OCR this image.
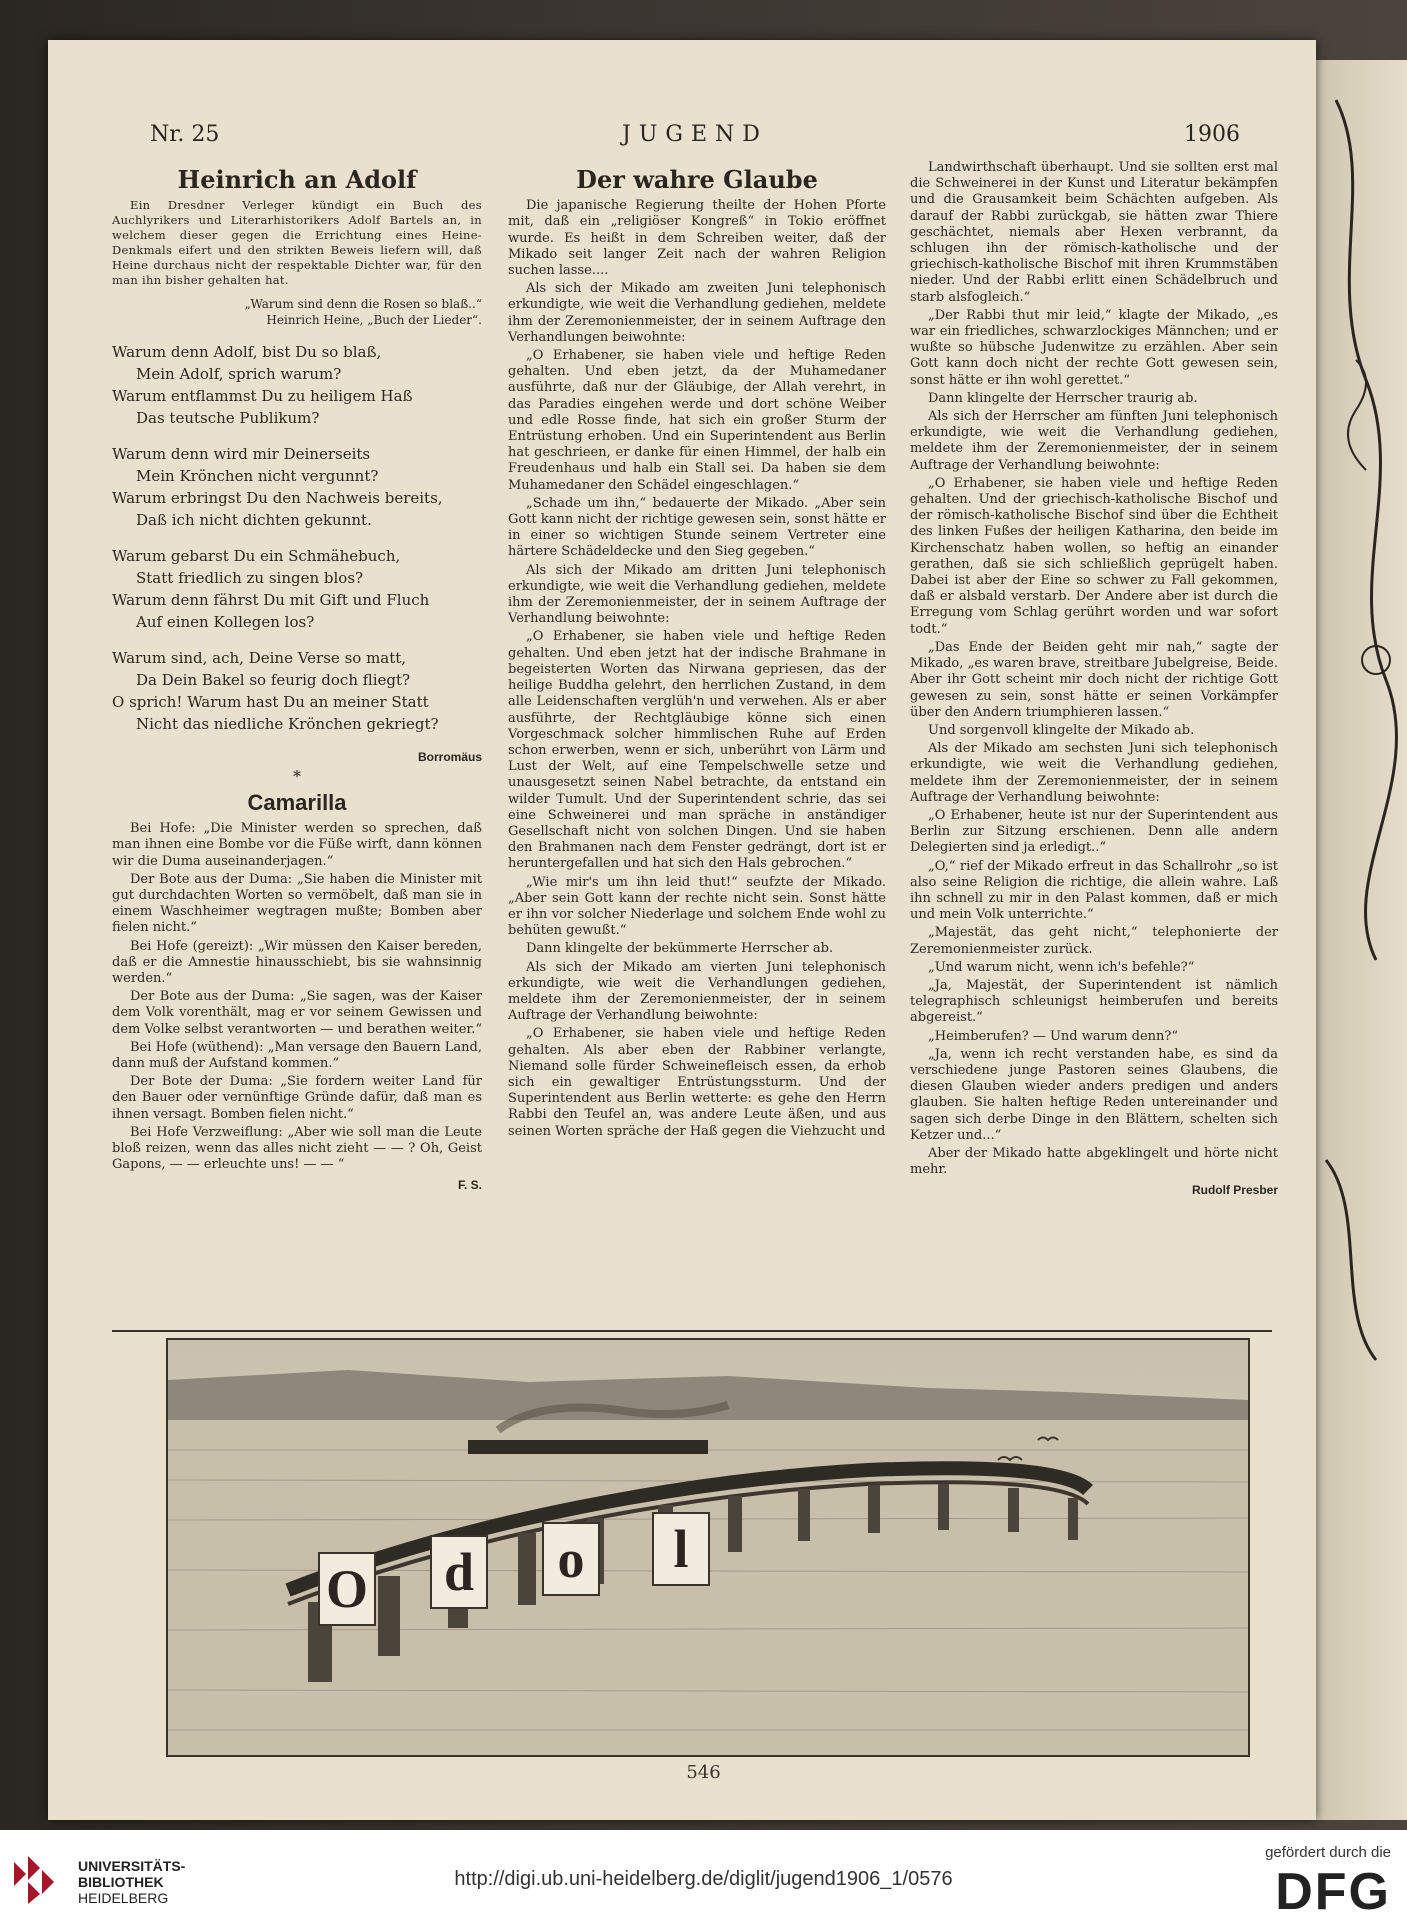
Nr. 25	JUGEND	1906
Heinrich an Adolf

Ein Dresdner Verleger kündigt ein Buch des Auchlyrikers und Literarhistorikers Adolf Bartels an, in welchem dieser gegen die Errichtung eines Heine-Denkmals eifert und den strikten Beweis liefern will, daß Heine durchaus nicht der respektable Dichter war, für den man ihn bisher gehalten hat.

„Warum sind denn die Rosen so blaß..“
Heinrich Heine, „Buch der Lieder“.

Warum denn Adolf, bist Du so blaß,
Mein Adolf, sprich warum?
Warum entflammst Du zu heiligem Haß
Das teutsche Publikum?
Warum denn wird mir Deinerseits
Mein Krönchen nicht vergunnt?
Warum erbringst Du den Nachweis bereits,
Daß ich nicht dichten gekunnt.
Warum gebarst Du ein Schmähebuch,
Statt friedlich zu singen blos?
Warum denn fährst Du mit Gift und Fluch
Auf einen Kollegen los?
Warum sind, ach, Deine Verse so matt,
Da Dein Bakel so feurig doch fliegt?
O sprich! Warum hast Du an meiner Statt
Nicht das niedliche Krönchen gekriegt?

Borromäus

*
Camarilla

Bei Hofe: „Die Minister werden so sprechen, daß man ihnen eine Bombe vor die Füße wirft, dann können wir die Duma auseinanderjagen.“

Der Bote aus der Duma: „Sie haben die Minister mit gut durchdachten Worten so vermöbelt, daß man sie in einem Waschheimer wegtragen mußte; Bomben aber fielen nicht.“

Bei Hofe (gereizt): „Wir müssen den Kaiser bereden, daß er die Amnestie hinausschiebt, bis sie wahnsinnig werden.“

Der Bote aus der Duma: „Sie sagen, was der Kaiser dem Volk vorenthält, mag er vor seinem Gewissen und dem Volke selbst verantworten — und berathen weiter.“

Bei Hofe (wüthend): „Man versage den Bauern Land, dann muß der Aufstand kommen.“

Der Bote der Duma: „Sie fordern weiter Land für den Bauer oder vernünftige Gründe dafür, daß man es ihnen versagt. Bomben fielen nicht.“

Bei Hofe Verzweiflung: „Aber wie soll man die Leute bloß reizen, wenn das alles nicht zieht — — ? Oh, Geist Gapons, — — erleuchte uns! — — “

F. S.

Der wahre Glaube

Die japanische Regierung theilte der Hohen Pforte mit, daß ein „religiöser Kongreß“ in Tokio eröffnet wurde. Es heißt in dem Schreiben weiter, daß der Mikado seit langer Zeit nach der wahren Religion suchen lasse....

Als sich der Mikado am zweiten Juni telephonisch erkundigte, wie weit die Verhandlung gediehen, meldete ihm der Zeremonienmeister, der in seinem Auftrage den Verhandlungen beiwohnte:

„O Erhabener, sie haben viele und heftige Reden gehalten. Und eben jetzt, da der Muhamedaner ausführte, daß nur der Gläubige, der Allah verehrt, in das Paradies eingehen werde und dort schöne Weiber und edle Rosse finde, hat sich ein großer Sturm der Entrüstung erhoben. Und ein Superintendent aus Berlin hat geschrieen, er danke für einen Himmel, der halb ein Freudenhaus und halb ein Stall sei. Da haben sie dem Muhamedaner den Schädel eingeschlagen.“

„Schade um ihn,“ bedauerte der Mikado. „Aber sein Gott kann nicht der richtige gewesen sein, sonst hätte er in einer so wichtigen Stunde seinem Vertreter eine härtere Schädeldecke und den Sieg gegeben.“

Als sich der Mikado am dritten Juni telephonisch erkundigte, wie weit die Verhandlung gediehen, meldete ihm der Zeremonienmeister, der in seinem Auftrage der Verhandlung beiwohnte:

„O Erhabener, sie haben viele und heftige Reden gehalten. Und eben jetzt hat der indische Brahmane in begeisterten Worten das Nirwana gepriesen, das der heilige Buddha gelehrt, den herrlichen Zustand, in dem alle Leidenschaften verglüh'n und verwehen. Als er aber ausführte, der Rechtgläubige könne sich einen Vorgeschmack solcher himmlischen Ruhe auf Erden schon erwerben, wenn er sich, unberührt von Lärm und Lust der Welt, auf eine Tempelschwelle setze und unausgesetzt seinen Nabel betrachte, da entstand ein wilder Tumult. Und der Superintendent schrie, das sei eine Schweinerei und man spräche in anständiger Gesellschaft nicht von solchen Dingen. Und sie haben den Brahmanen nach dem Fenster gedrängt, dort ist er heruntergefallen und hat sich den Hals gebrochen.“

„Wie mir's um ihn leid thut!“ seufzte der Mikado. „Aber sein Gott kann der rechte nicht sein. Sonst hätte er ihn vor solcher Niederlage und solchem Ende wohl zu behüten gewußt.“

Dann klingelte der bekümmerte Herrscher ab.

Als sich der Mikado am vierten Juni telephonisch erkundigte, wie weit die Verhandlungen gediehen, meldete ihm der Zeremonienmeister, der in seinem Auftrage der Verhandlung beiwohnte:

„O Erhabener, sie haben viele und heftige Reden gehalten. Als aber eben der Rabbiner verlangte, Niemand solle fürder Schweinefleisch essen, da erhob sich ein gewaltiger Entrüstungssturm. Und der Superintendent aus Berlin wetterte: es gehe den Herrn Rabbi den Teufel an, was andere Leute äßen, und aus seinen Worten spräche der Haß gegen die Viehzucht und

Landwirthschaft überhaupt. Und sie sollten erst mal die Schweinerei in der Kunst und Literatur bekämpfen und die Grausamkeit beim Schächten aufgeben. Als darauf der Rabbi zurückgab, sie hätten zwar Thiere geschächtet, niemals aber Hexen verbrannt, da schlugen ihn der römisch-katholische und der griechisch-katholische Bischof mit ihren Krummstäben nieder. Und der Rabbi erlitt einen Schädelbruch und starb alsfogleich.“

„Der Rabbi thut mir leid,“ klagte der Mikado, „es war ein friedliches, schwarzlockiges Männchen; und er wußte so hübsche Judenwitze zu erzählen. Aber sein Gott kann doch nicht der rechte Gott gewesen sein, sonst hätte er ihn wohl gerettet.“

Dann klingelte der Herrscher traurig ab.

Als sich der Herrscher am fünften Juni telephonisch erkundigte, wie weit die Verhandlung gediehen, meldete ihm der Zeremonienmeister, der in seinem Auftrage der Verhandlung beiwohnte:

„O Erhabener, sie haben viele und heftige Reden gehalten. Und der griechisch-katholische Bischof und der römisch-katholische Bischof sind über die Echtheit des linken Fußes der heiligen Katharina, den beide im Kirchenschatz haben wollen, so heftig an einander gerathen, daß sie sich schließlich geprügelt haben. Dabei ist aber der Eine so schwer zu Fall gekommen, daß er alsbald verstarb. Der Andere aber ist durch die Erregung vom Schlag gerührt worden und war sofort todt.“

„Das Ende der Beiden geht mir nah,“ sagte der Mikado, „es waren brave, streitbare Jubelgreise, Beide. Aber ihr Gott scheint mir doch nicht der richtige Gott gewesen zu sein, sonst hätte er seinen Vorkämpfer über den Andern triumphieren lassen.“

Und sorgenvoll klingelte der Mikado ab.

Als der Mikado am sechsten Juni sich telephonisch erkundigte, wie weit die Verhandlung gediehen, meldete ihm der Zeremonienmeister, der in seinem Auftrage der Verhandlung beiwohnte:

„O Erhabener, heute ist nur der Superintendent aus Berlin zur Sitzung erschienen. Denn alle andern Delegierten sind ja erledigt..“

„O,“ rief der Mikado erfreut in das Schallrohr „so ist also seine Religion die richtige, die allein wahre. Laß ihn schnell zu mir in den Palast kommen, daß er mich und mein Volk unterrichte.“

„Majestät, das geht nicht,“ telephonierte der Zeremonienmeister zurück.

„Und warum nicht, wenn ich's befehle?“

„Ja, Majestät, der Superintendent ist nämlich telegraphisch schleunigst heimberufen und bereits abgereist.“

„Heimberufen? — Und warum denn?“

„Ja, wenn ich recht verstanden habe, es sind da verschiedene junge Pastoren seines Glaubens, die diesen Glauben wieder anders predigen und anders glauben. Sie halten heftige Reden untereinander und sagen sich derbe Dinge in den Blättern, schelten sich Ketzer und...“

Aber der Mikado hatte abgeklingelt und hörte nicht mehr.

Rudolf Presber

O d o	l
546
UNIVERSITÄTS-
BIBLIOTHEK
HEIDELBERG
http://digi.ub.uni-heidelberg.de/diglit/jugend1906_1/0576
gefördert durch die
DFG
